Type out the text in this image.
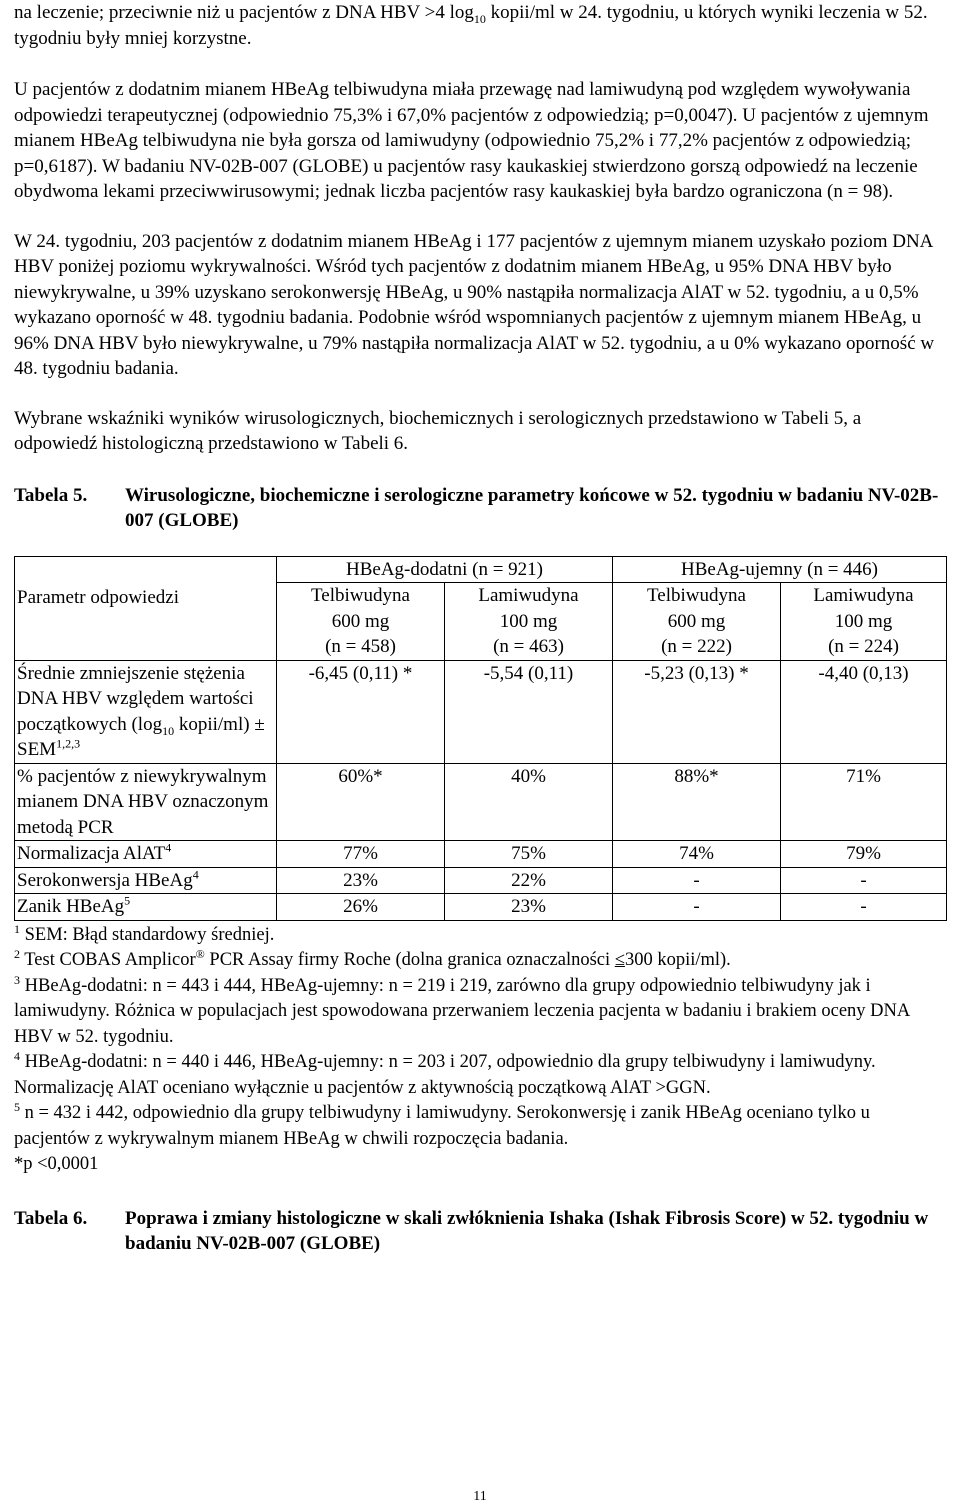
na leczenie; przeciwnie niż u pacjentów z DNA HBV >4 $\log_{10}$ kopii/ml w 24. tygodniu, u których wyniki leczenia w 52. tygodniu były mniej korzystne.

U pacjentów z dodatnim mianem HBeAg telbiwudyna miała przewagę nad lamiwudyną pod względem wywoływania odpowiedzi terapeutycznej (odpowiednio 75,3% i 67,0% pacjentów z odpowiedzią; p=0,0047). U pacjentów z ujemnym mianem HBeAg telbiwudyna nie była gorsza od lamiwudyny (odpowiednio 75,2% i 77,2% pacjentów z odpowiedzią; p=0,6187). W badaniu NV-02B-007 (GLOBE) u pacjentów rasy kaukaskiej stwierdzono gorszą odpowiedź na leczenie obydwoma lekami przeciwwirusowymi; jednak liczba pacjentów rasy kaukaskiej była bardzo ograniczona (n = 98).

W 24. tygodniu, 203 pacjentów z dodatnim mianem HBeAg i 177 pacjentów z ujemnym mianem uzyskało poziom DNA HBV poniżej poziomu wykrywalności. Wśród tych pacjentów z dodatnim mianem HBeAg, u 95% DNA HBV było niewykrywalne, u 39% uzyskano serokonwersję HBeAg, u 90% nastąpiła normalizacja AlAT w 52. tygodniu, a u 0,5% wykazano oporność w 48. tygodniu badania. Podobnie wśród wspomnianych pacjentów z ujemnym mianem HBeAg, u 96% DNA HBV było niewykrywalne, u 79% nastąpiła normalizacja AlAT w 52. tygodniu, a u 0% wykazano oporność w 48. tygodniu badania.

Wybrane wskaźniki wyników wirusologicznych, biochemicznych i serologicznych przedstawiono w Tabeli 5, a odpowiedź histologiczną przedstawiono w Tabeli 6.

Tabela 5.	Wirusologiczne, biochemiczne i serologiczne parametry końcowe w 52. tygodniu w badaniu NV-02B-007 (GLOBE)
Parametr odpowiedzi	HBeAg-dodatni (n = 921)		HBeAg-ujemny (n = 446)	
	Telbiwudyna
600 mg
(n = 458)	Lamiwudyna
100 mg
(n = 463)	Telbiwudyna
600 mg
(n = 222)	Lamiwudyna
100 mg
(n = 224)
Średnie zmniejszenie stężenia DNA HBV względem wartości początkowych ($\log_{10}$ kopii/ml) ± SEM$^{1,2,3}$	-6,45 (0,11) *	-5,54 (0,11)	-5,23 (0,13) *	-4,40 (0,13)
% pacjentów z niewykrywalnym mianem DNA HBV oznaczonym metodą PCR	60%*	40%	88%*	71%
Normalizacja AlAT$^4$	77%	75%	74%	79%
Serokonwersja HBeAg$^4$	23%	22%	-	-
Zanik HBeAg$^5$	26%	23%	-	-

$^1$ SEM: Błąd standardowy średniej.

$^2$ Test COBAS Amplicor® PCR Assay firmy Roche (dolna granica oznaczalności ≤300 kopii/ml).

$^3$ HBeAg-dodatni: n = 443 i 444, HBeAg-ujemny: n = 219 i 219, zarówno dla grupy odpowiednio telbiwudyny jak i lamiwudyny. Różnica w populacjach jest spowodowana przerwaniem leczenia pacjenta w badaniu i brakiem oceny DNA HBV w 52. tygodniu.

$^4$ HBeAg-dodatni: n = 440 i 446, HBeAg-ujemny: n = 203 i 207, odpowiednio dla grupy telbiwudyny i lamiwudyny. Normalizację AlAT oceniano wyłącznie u pacjentów z aktywnością początkową AlAT >GGN.

$^5$ n = 432 i 442, odpowiednio dla grupy telbiwudyny i lamiwudyny. Serokonwersję i zanik HBeAg oceniano tylko u pacjentów z wykrywalnym mianem HBeAg w chwili rozpoczęcia badania.

*p <0,0001

Tabela 6.	Poprawa i zmiany histologiczne w skali zwłóknienia Ishaka (Ishak Fibrosis Score) w 52. tygodniu w badaniu NV-02B-007 (GLOBE)
11
